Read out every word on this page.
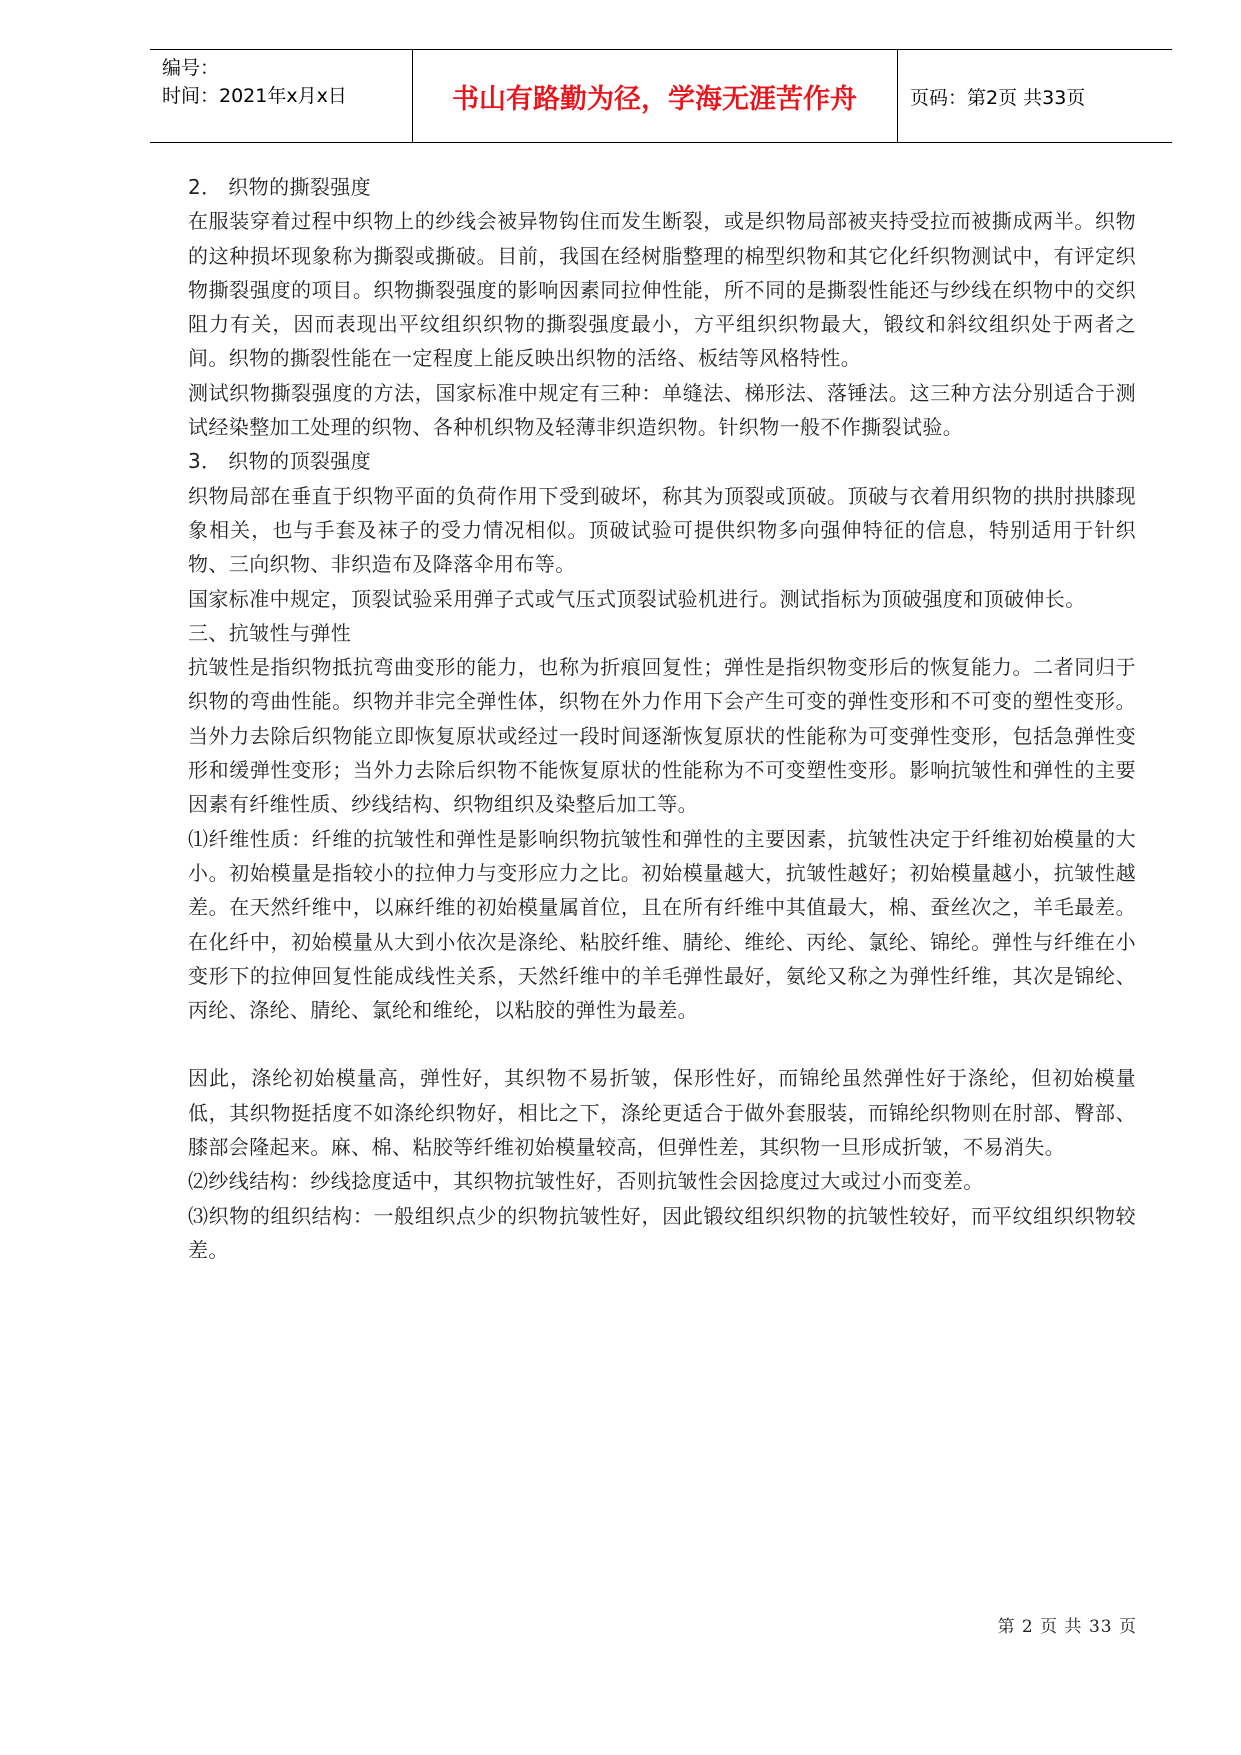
编号：
时间：2021年x月x日	书山有路勤为径，学海无涯苦作舟	页码：第2页 共33页

2． 织物的撕裂强度

在服装穿着过程中织物上的纱线会被异物钩住而发生断裂，或是织物局部被夹持受拉而被撕成两半。织物的这种损坏现象称为撕裂或撕破。目前，我国在经树脂整理的棉型织物和其它化纤织物测试中，有评定织物撕裂强度的项目。织物撕裂强度的影响因素同拉伸性能，所不同的是撕裂性能还与纱线在织物中的交织阻力有关，因而表现出平纹组织织物的撕裂强度最小，方平组织织物最大，锻纹和斜纹组织处于两者之间。织物的撕裂性能在一定程度上能反映出织物的活络、板结等风格特性。

测试织物撕裂强度的方法，国家标准中规定有三种：单缝法、梯形法、落锤法。这三种方法分别适合于测试经染整加工处理的织物、各种机织物及轻薄非织造织物。针织物一般不作撕裂试验。

3． 织物的顶裂强度

织物局部在垂直于织物平面的负荷作用下受到破坏，称其为顶裂或顶破。顶破与衣着用织物的拱肘拱膝现象相关，也与手套及袜子的受力情况相似。顶破试验可提供织物多向强伸特征的信息，特别适用于针织物、三向织物、非织造布及降落伞用布等。

国家标准中规定，顶裂试验采用弹子式或气压式顶裂试验机进行。测试指标为顶破强度和顶破伸长。

三、抗皱性与弹性

抗皱性是指织物抵抗弯曲变形的能力，也称为折痕回复性；弹性是指织物变形后的恢复能力。二者同归于织物的弯曲性能。织物并非完全弹性体，织物在外力作用下会产生可变的弹性变形和不可变的塑性变形。当外力去除后织物能立即恢复原状或经过一段时间逐渐恢复原状的性能称为可变弹性变形，包括急弹性变形和缓弹性变形；当外力去除后织物不能恢复原状的性能称为不可变塑性变形。影响抗皱性和弹性的主要因素有纤维性质、纱线结构、织物组织及染整后加工等。

⑴纤维性质：纤维的抗皱性和弹性是影响织物抗皱性和弹性的主要因素，抗皱性决定于纤维初始模量的大小。初始模量是指较小的拉伸力与变形应力之比。初始模量越大，抗皱性越好；初始模量越小，抗皱性越差。在天然纤维中，以麻纤维的初始模量属首位，且在所有纤维中其值最大，棉、蚕丝次之，羊毛最差。在化纤中，初始模量从大到小依次是涤纶、粘胶纤维、腈纶、维纶、丙纶、氯纶、锦纶。弹性与纤维在小变形下的拉伸回复性能成线性关系，天然纤维中的羊毛弹性最好，氨纶又称之为弹性纤维，其次是锦纶、丙纶、涤纶、腈纶、氯纶和维纶，以粘胶的弹性为最差。

因此，涤纶初始模量高，弹性好，其织物不易折皱，保形性好，而锦纶虽然弹性好于涤纶，但初始模量低，其织物挺括度不如涤纶织物好，相比之下，涤纶更适合于做外套服装，而锦纶织物则在肘部、臀部、膝部会隆起来。麻、棉、粘胶等纤维初始模量较高，但弹性差，其织物一旦形成折皱，不易消失。

⑵纱线结构：纱线捻度适中，其织物抗皱性好，否则抗皱性会因捻度过大或过小而变差。

⑶织物的组织结构：一般组织点少的织物抗皱性好，因此锻纹组织织物的抗皱性较好，而平纹组织织物较差。

第 2 页 共 33 页
